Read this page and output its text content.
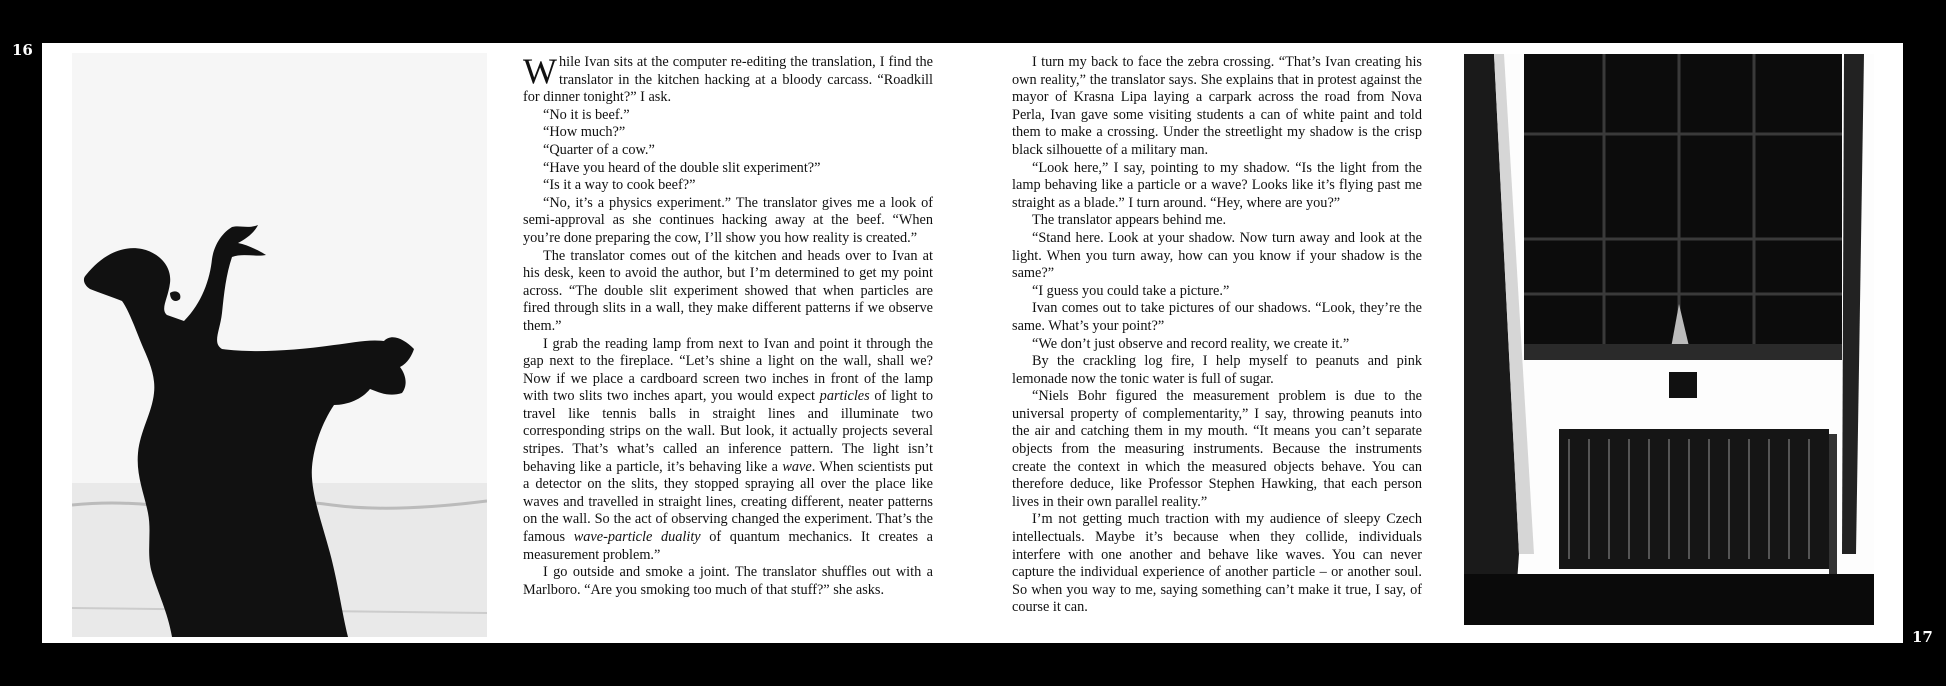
16
17

While Ivan sits at the computer re-editing the translation, I find the translator in the kitchen hacking at a bloody carcass. “Roadkill for dinner tonight?” I ask.

“No it is beef.”

“How much?”

“Quarter of a cow.”

“Have you heard of the double slit experiment?”

“Is it a way to cook beef?”

“No, it’s a physics experiment.” The translator gives me a look of semi-approval as she continues hacking away at the beef. “When you’re done preparing the cow, I’ll show you how reality is created.”

The translator comes out of the kitchen and heads over to Ivan at his desk, keen to avoid the author, but I’m determined to get my point across. “The double slit experiment showed that when particles are fired through slits in a wall, they make different patterns if we observe them.”

I grab the reading lamp from next to Ivan and point it through the gap next to the fireplace. “Let’s shine a light on the wall, shall we? Now if we place a cardboard screen two inches in front of the lamp with two slits two inches apart, you would expect particles of light to travel like tennis balls in straight lines and illuminate two corresponding strips on the wall. But look, it actually projects several stripes. That’s what’s called an inference pattern. The light isn’t behaving like a particle, it’s behaving like a wave. When scientists put a detector on the slits, they stopped spraying all over the place like waves and travelled in straight lines, creating different, neater patterns on the wall. So the act of observing changed the experiment. That’s the famous wave-particle duality of quantum mechanics. It creates a measurement problem.”

I go outside and smoke a joint. The translator shuffles out with a Marlboro. “Are you smoking too much of that stuff?” she asks.

I turn my back to face the zebra crossing. “That’s Ivan creating his own reality,” the translator says. She explains that in protest against the mayor of Krasna Lipa laying a carpark across the road from Nova Perla, Ivan gave some visiting students a can of white paint and told them to make a crossing. Under the streetlight my shadow is the crisp black silhouette of a military man.

“Look here,” I say, pointing to my shadow. “Is the light from the lamp behaving like a particle or a wave? Looks like it’s flying past me straight as a blade.” I turn around. “Hey, where are you?”

The translator appears behind me.

“Stand here. Look at your shadow. Now turn away and look at the light. When you turn away, how can you know if your shadow is the same?”

“I guess you could take a picture.”

Ivan comes out to take pictures of our shadows. “Look, they’re the same. What’s your point?”

“We don’t just observe and record reality, we create it.”

By the crackling log fire, I help myself to peanuts and pink lemonade now the tonic water is full of sugar.

“Niels Bohr figured the measurement problem is due to the universal property of complementarity,” I say, throwing peanuts into the air and catching them in my mouth. “It means you can’t separate objects from the measuring instruments. Because the instruments create the context in which the measured objects behave. You can therefore deduce, like Professor Stephen Hawking, that each person lives in their own parallel reality.”

I’m not getting much traction with my audience of sleepy Czech intellectuals. Maybe it’s because when they collide, individuals interfere with one another and behave like waves. You can never capture the individual experience of another particle – or another soul. So when you way to me, saying something can’t make it true, I say, of course it can.
